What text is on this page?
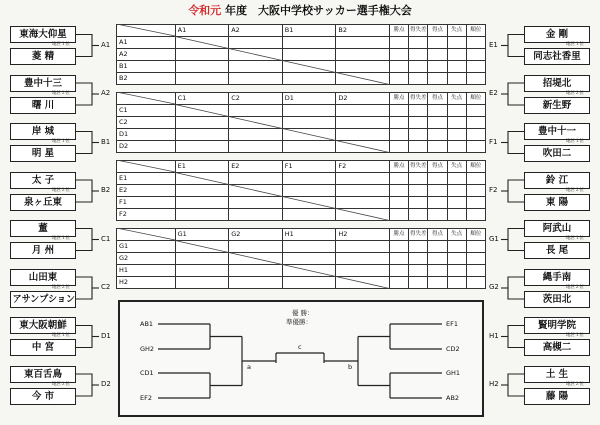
令和元 年度　大阪中学校サッカー選手権大会
東海大仰星
地区１位
菱 精
A1
豊中十三
地区２位
曙 川
A2
岸 城
地区１位
明 星
B1
太 子
地区２位
泉ヶ丘東
B2
董
地区１位
月 州
C1
山田東
地区２位
アサンプション
C2
東大阪朝鮮
地区１位
中 宮
D1
東百舌鳥
地区２位
今 市
D2
金 剛
地区１位
同志社香里
E1
招堤北
地区２位
新生野
E2
豊中十一
地区１位
吹田二
F1
鈴 江
地区２位
東 陽
F2
阿武山
地区１位
長 尾
G1
縄手南
地区２位
茨田北
G2
賢明学院
地区１位
高槻二
H1
土 生
地区２位
藤 陽
H2
	A1	A2	B1	B2	勝点	得失差	得点	失点	順位
A1									
A2									
B1									
B2									
	C1	C2	D1	D2	勝点	得失差	得点	失点	順位
C1									
C2									
D1									
D2									
	E1	E2	F1	F2	勝点	得失差	得点	失点	順位
E1									
E2									
F1									
F2									
	G1	G2	H1	H2	勝点	得失差	得点	失点	順位
G1									
G2									
H1									
H2									
優 勝：
準優勝：
AB1
GH2
CD1
EF2
EF1
CD2
GH1
AB2
a	b
c
